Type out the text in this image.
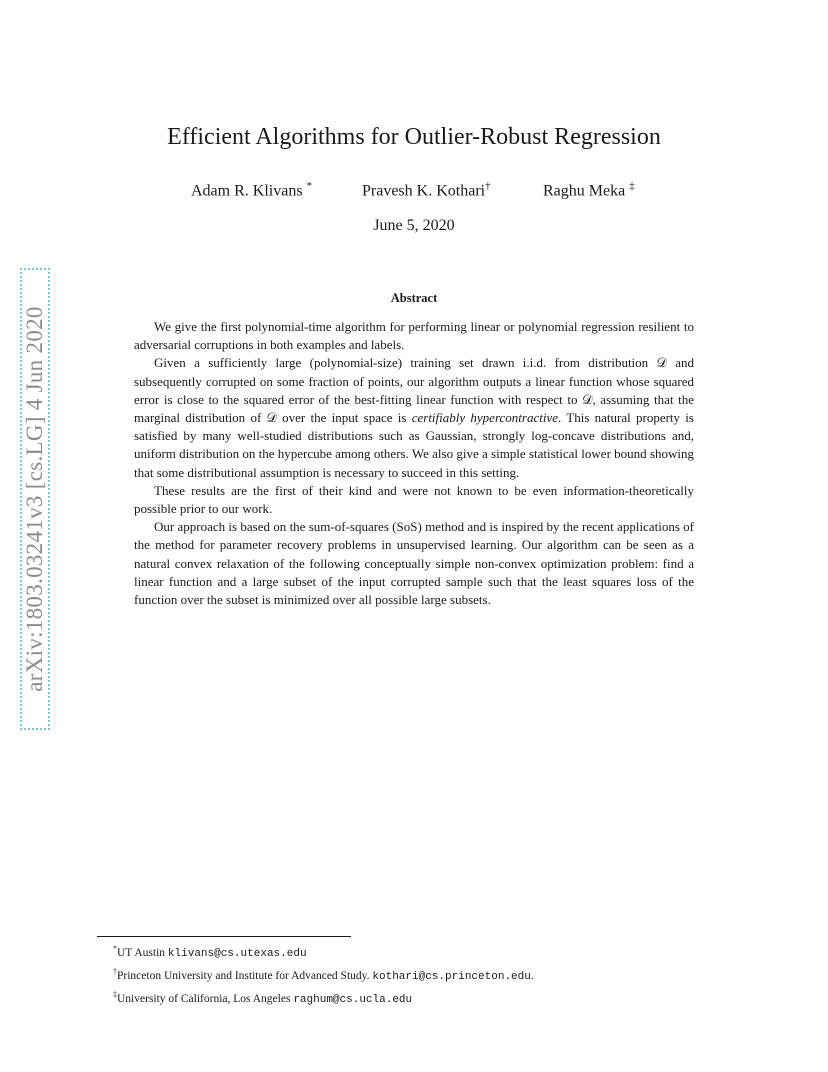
arXiv:1803.03241v3 [cs.LG] 4 Jun 2020
Efficient Algorithms for Outlier-Robust Regression
Adam R. Klivans *	Pravesh K. Kothari†	Raghu Meka ‡
June 5, 2020
Abstract

We give the first polynomial-time algorithm for performing linear or polynomial regression resilient to adversarial corruptions in both examples and labels.

Given a sufficiently large (polynomial-size) training set drawn i.i.d. from distribution 𝒟 and subsequently corrupted on some fraction of points, our algorithm outputs a linear function whose squared error is close to the squared error of the best-fitting linear function with respect to 𝒟, assuming that the marginal distribution of 𝒟 over the input space is certifiably hypercontractive. This natural property is satisfied by many well-studied distributions such as Gaussian, strongly log-concave distributions and, uniform distribution on the hypercube among others. We also give a simple statistical lower bound showing that some distributional assumption is necessary to succeed in this setting.

These results are the first of their kind and were not known to be even information-theoretically possible prior to our work.

Our approach is based on the sum-of-squares (SoS) method and is inspired by the recent applications of the method for parameter recovery problems in unsupervised learning. Our algorithm can be seen as a natural convex relaxation of the following conceptually simple non-convex optimization problem: find a linear function and a large subset of the input corrupted sample such that the least squares loss of the function over the subset is minimized over all possible large subsets.

*UT Austin klivans@cs.utexas.edu
†Princeton University and Institute for Advanced Study. kothari@cs.princeton.edu.
‡University of California, Los Angeles raghum@cs.ucla.edu
